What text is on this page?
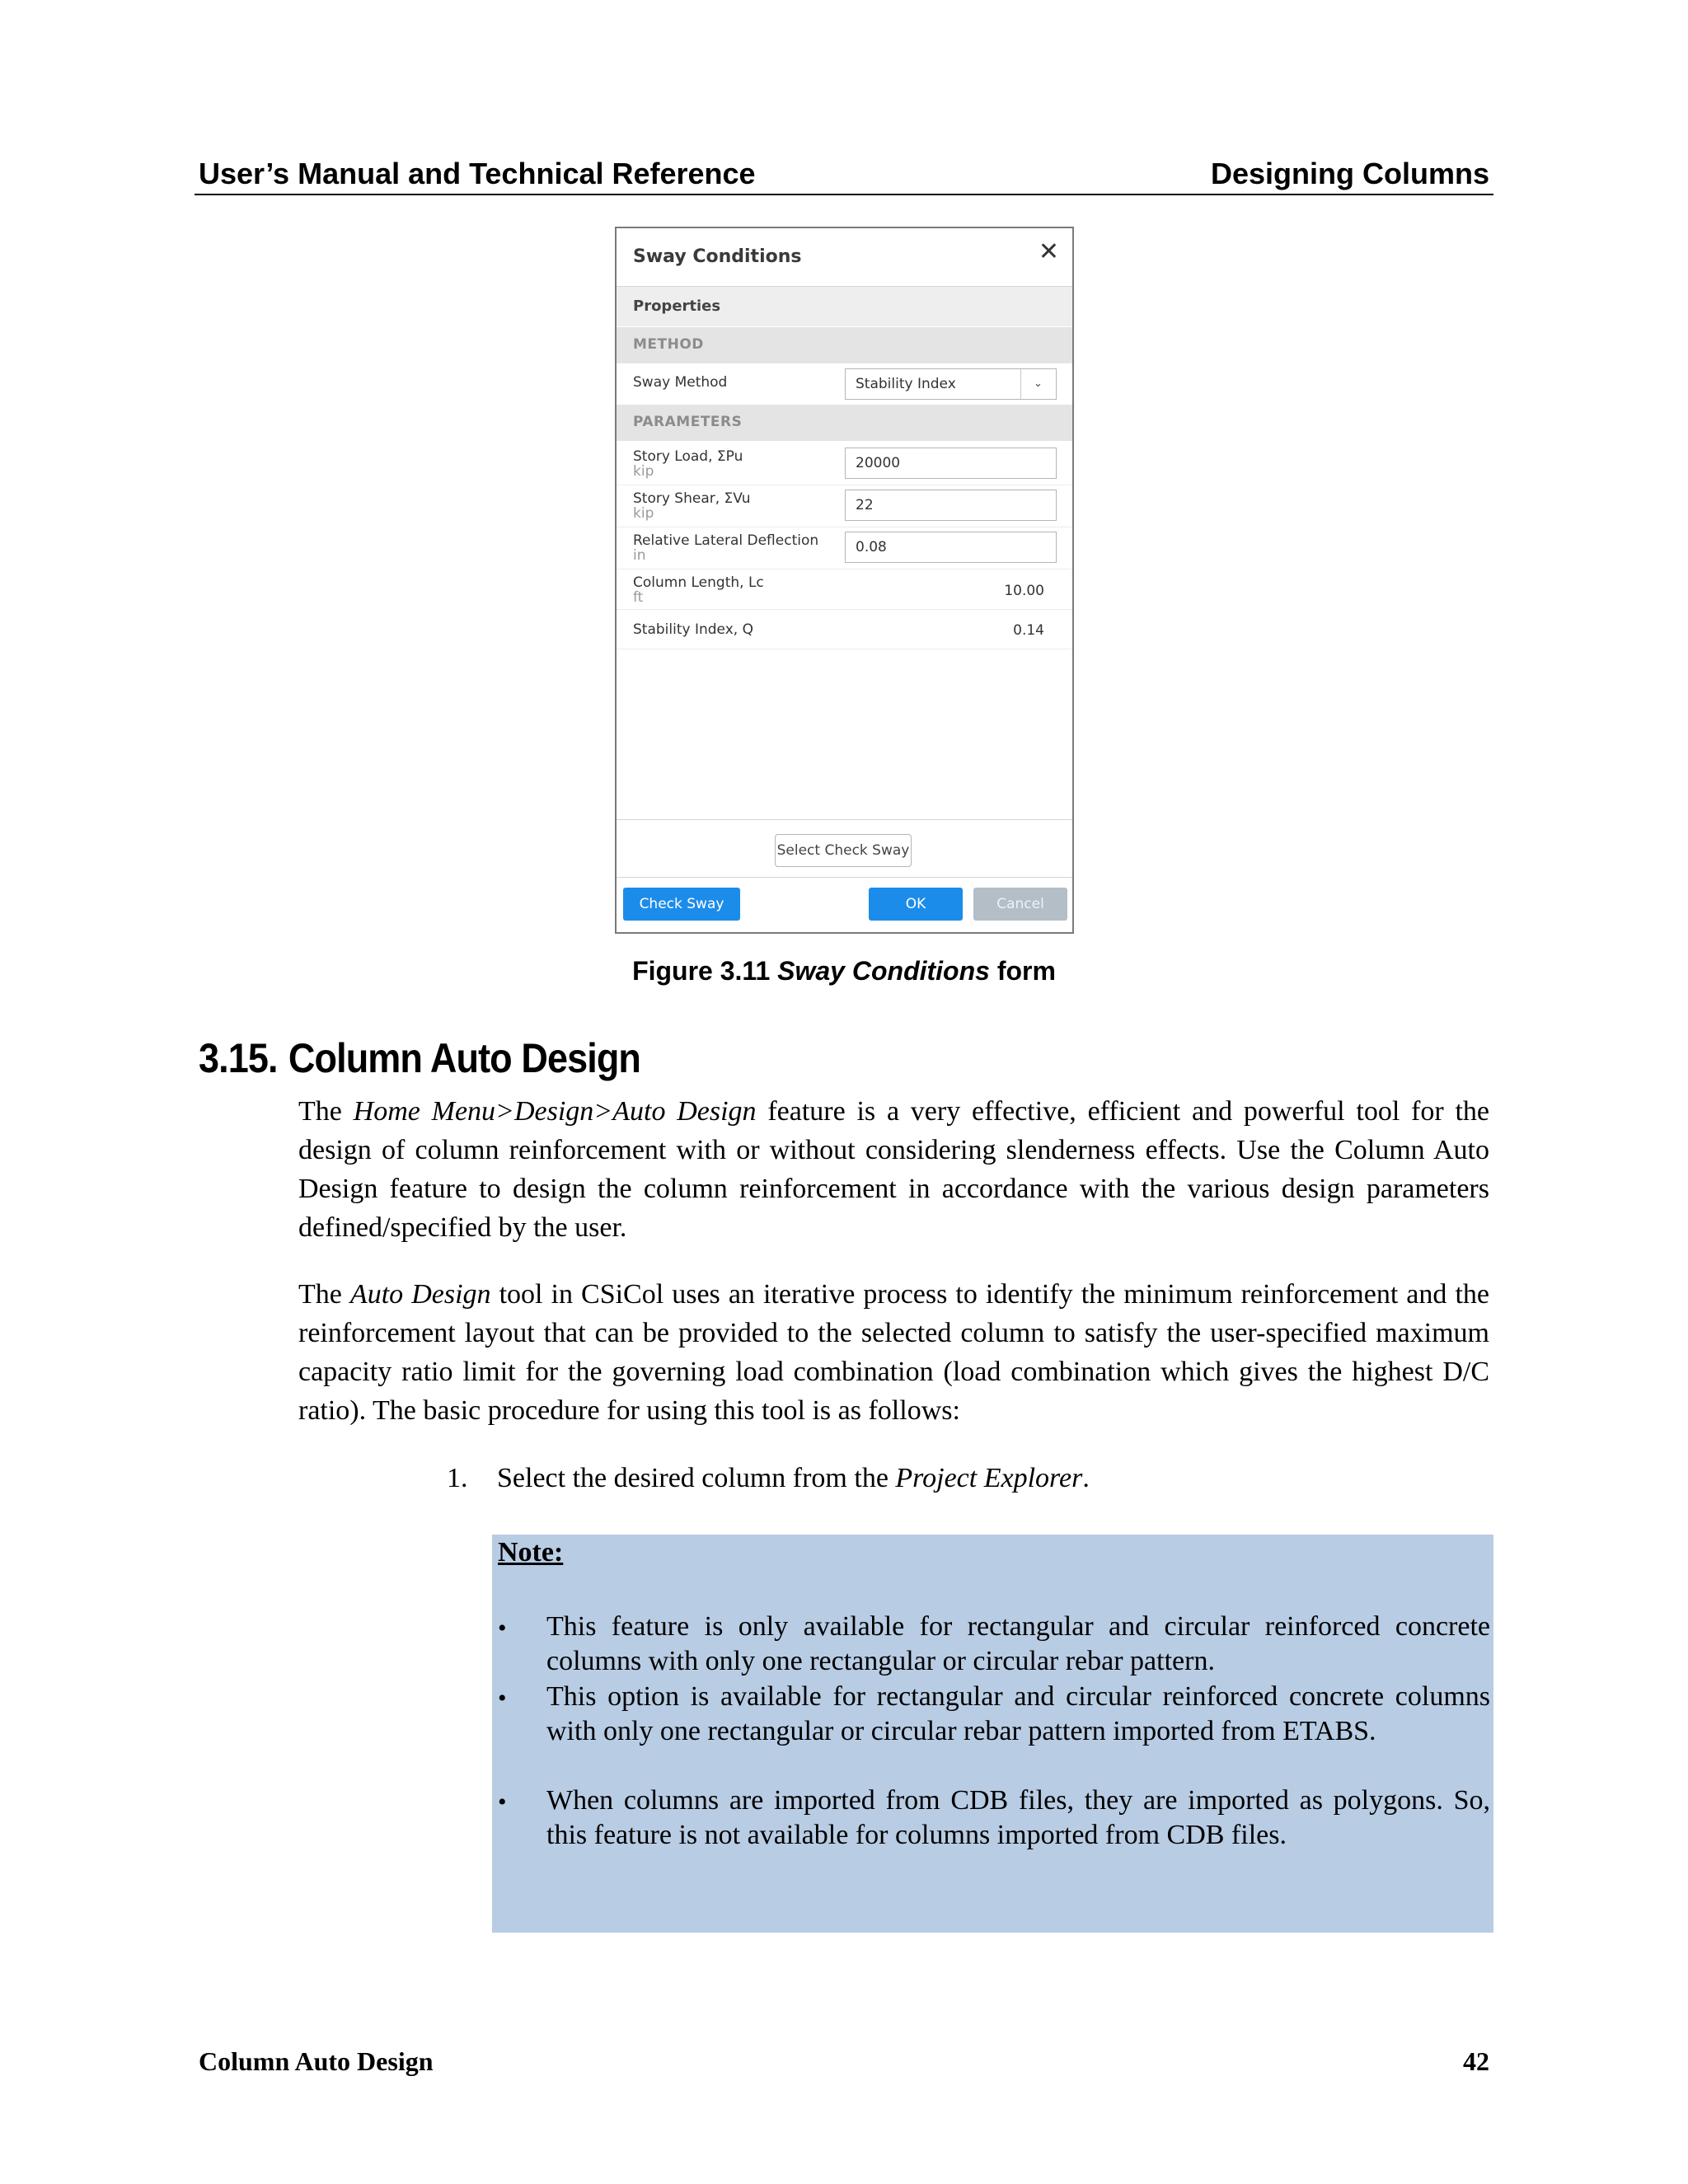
User’s Manual and Technical Reference	Designing Columns
Sway Conditions	✕
Properties
METHOD
Sway Method	Stability Index	⌄
PARAMETERS
Story Load, ΣPu
kip	20000
Story Shear, ΣVu
kip	22
Relative Lateral Deflection
in	0.08
Column Length, Lc
ft	10.00
Stability Index, Q	0.14
Select Check Sway
Check Sway	OK	Cancel
Figure 3.11 Sway Conditions form
3.15. Column Auto Design
The Home Menu>Design>Auto Design feature is a very effective, efficient and powerful tool for the design of column reinforcement with or without considering slenderness effects. Use the Column Auto Design feature to design the column reinforcement in accordance with the various design parameters defined/specified by the user.
The Auto Design tool in CSiCol uses an iterative process to identify the minimum reinforcement and the reinforcement layout that can be provided to the selected column to satisfy the user-specified maximum capacity ratio limit for the governing load combination (load combination which gives the highest D/C ratio). The basic procedure for using this tool is as follows:
1. Select the desired column from the Project Explorer.
Note:
• This feature is only available for rectangular and circular reinforced concrete columns with only one rectangular or circular rebar pattern.
• This option is available for rectangular and circular reinforced concrete columns with only one rectangular or circular rebar pattern imported from ETABS.
• When columns are imported from CDB files, they are imported as polygons. So, this feature is not available for columns imported from CDB files.
Column Auto Design	42
